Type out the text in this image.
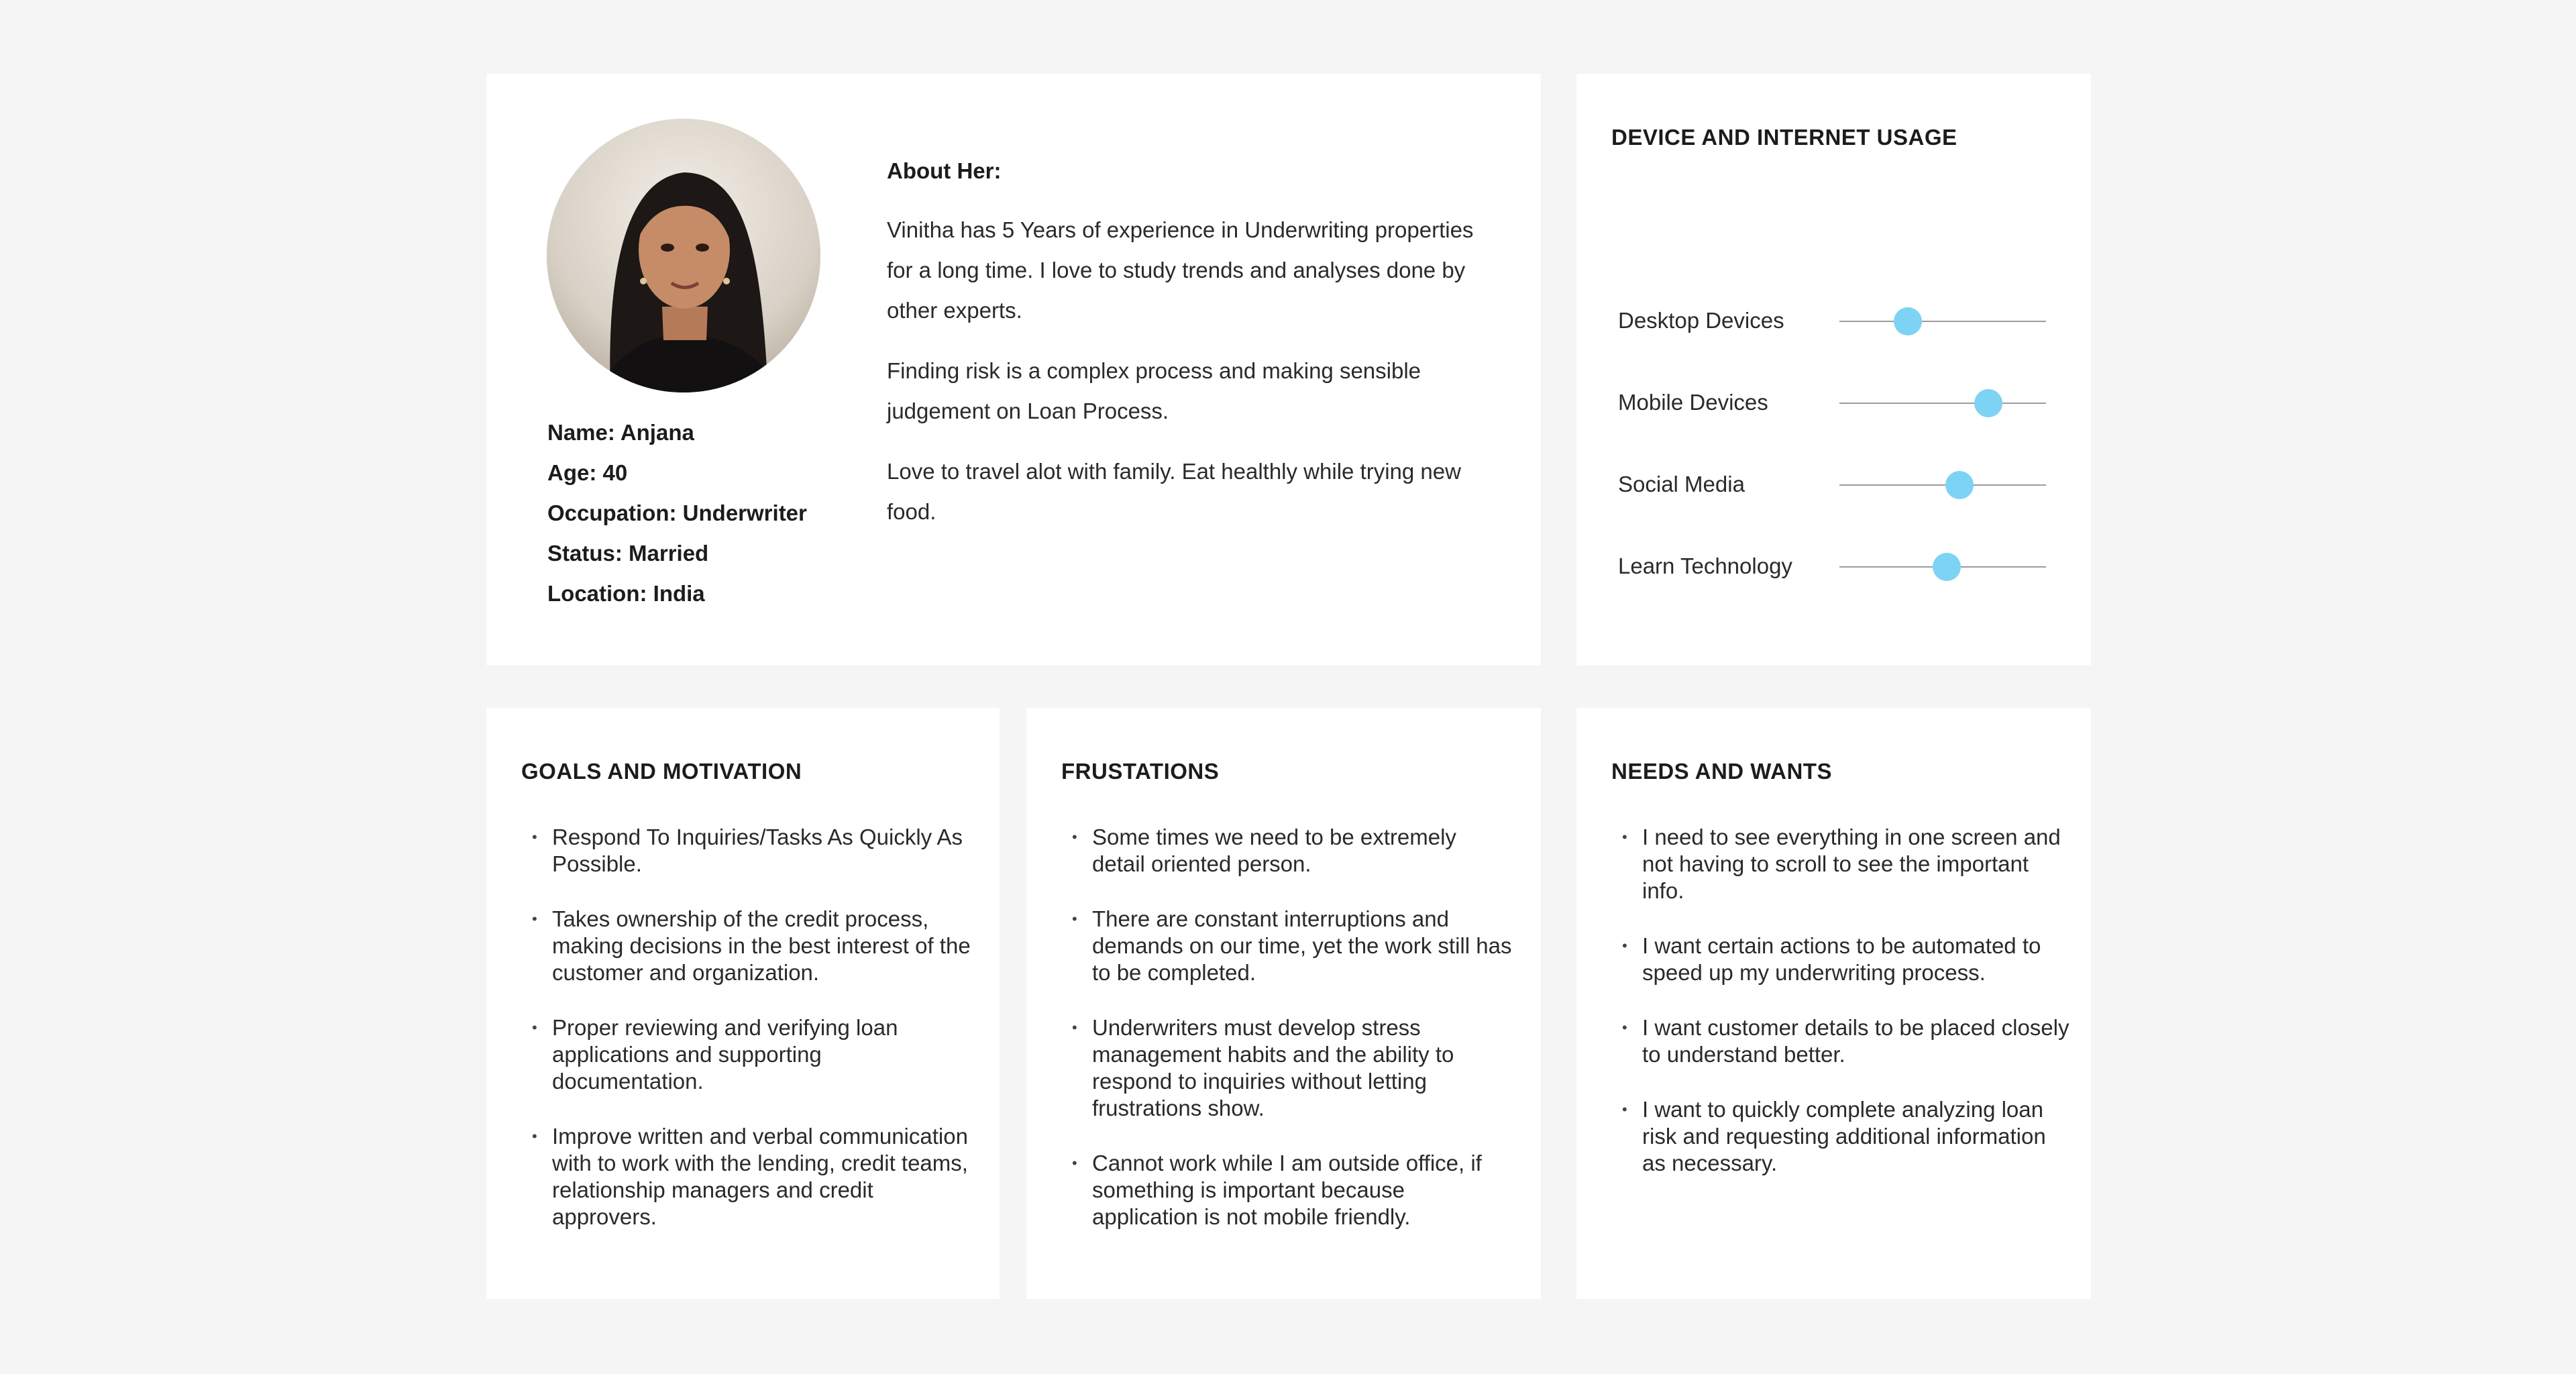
Name: Anjana
Age: 40
Occupation: Underwriter
Status: Married
Location: India
About Her:

Vinitha has 5 Years of experience in Underwriting properties for a long time. I love to study trends and analyses done by other experts.

Finding risk is a complex process and making sensible judgement on Loan Process.

Love to travel alot with family. Eat healthly while trying new food.

DEVICE AND INTERNET USAGE
Desktop Devices
Mobile Devices
Social Media
Learn Technology
GOALS AND MOTIVATION
• Respond To Inquiries/Tasks As Quickly As Possible.
• Takes ownership of the credit process, making decisions in the best interest of the customer and organization.
• Proper reviewing and verifying loan applications and supporting documentation.
• Improve written and verbal communication with to work with the lending, credit teams, relationship managers and credit approvers.
FRUSTATIONS
• Some times we need to be extremely detail oriented person.
• There are constant interruptions and demands on our time, yet the work still has to be completed.
• Underwriters must develop stress management habits and the ability to respond to inquiries without letting frustrations show.
• Cannot work while I am outside office, if something is important because application is not mobile friendly.
NEEDS AND WANTS
• I need to see everything in one screen and not having to scroll to see the important info.
• I want certain actions to be automated to speed up my underwriting process.
• I want customer details to be placed closely to understand better.
• I want to quickly complete analyzing loan risk and requesting additional information as necessary.
